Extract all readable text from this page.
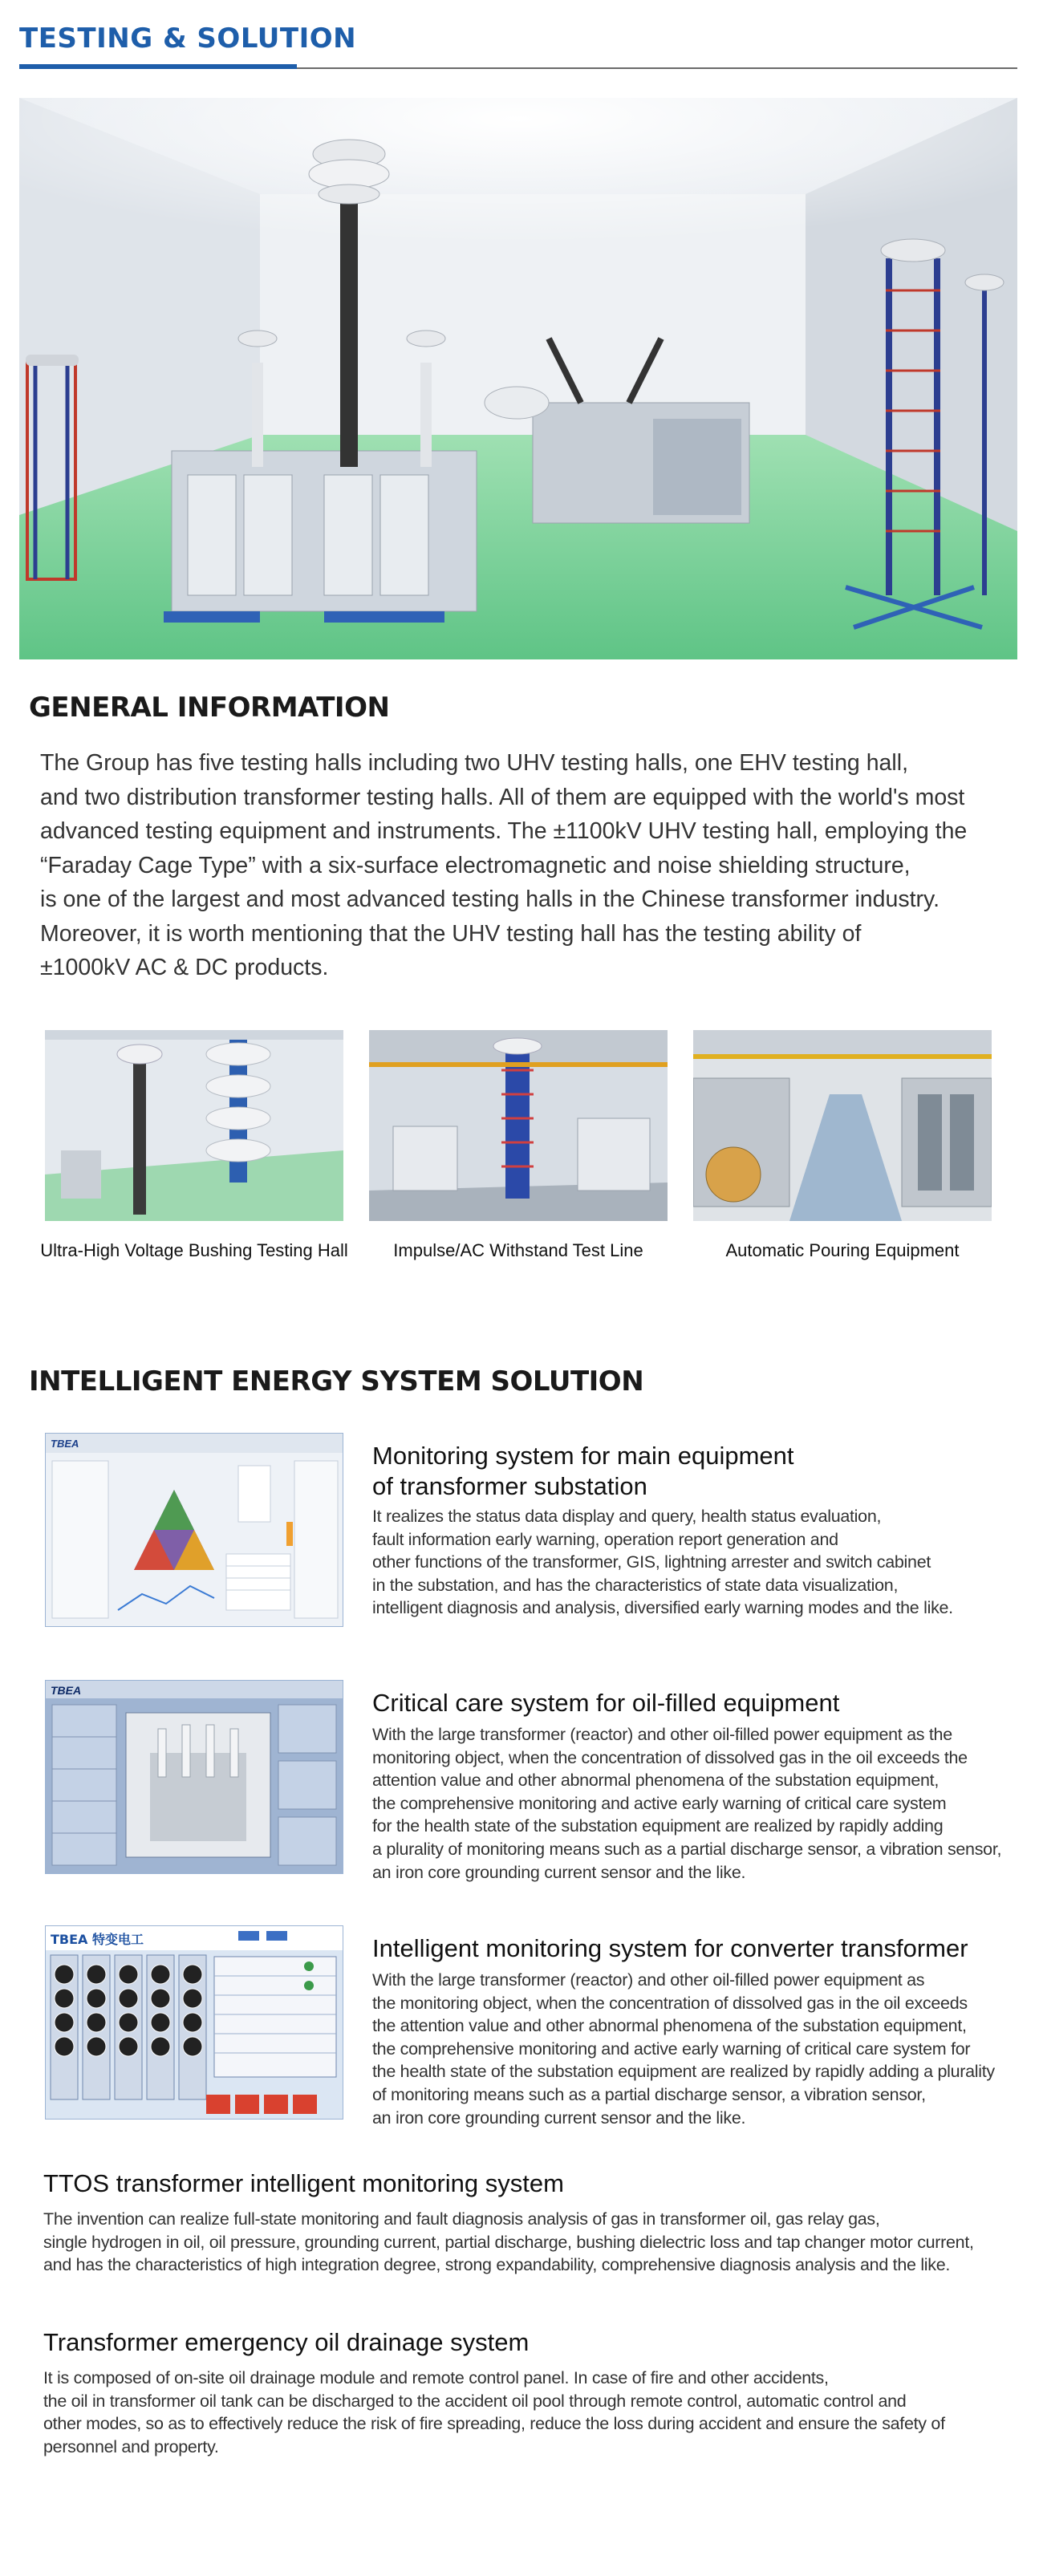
TESTING & SOLUTION
GENERAL INFORMATION
The Group has five testing halls including two UHV testing halls, one EHV testing hall,
and two distribution transformer testing halls. All of them are equipped with the world's most
advanced testing equipment and instruments. The ±1100kV UHV testing hall, employing the
“Faraday Cage Type” with a six-surface electromagnetic and noise shielding structure,
is one of the largest and most advanced testing halls in the Chinese transformer industry.
Moreover, it is worth mentioning that the UHV testing hall has the testing ability of
±1000kV AC & DC products.
Ultra-High Voltage Bushing Testing Hall	Impulse/AC Withstand Test Line	Automatic Pouring Equipment
INTELLIGENT ENERGY SYSTEM SOLUTION
TBEA	Monitoring system for main equipment
of transformer substation
It realizes the status data display and query, health status evaluation,
fault information early warning, operation report generation and
other functions of the transformer, GIS, lightning arrester and switch cabinet
in the substation, and has the characteristics of state data visualization,
intelligent diagnosis and analysis, diversified early warning modes and the like.
TBEA	Critical care system for oil-filled equipment
With the large transformer (reactor) and other oil-filled power equipment as the
monitoring object, when the concentration of dissolved gas in the oil exceeds the
attention value and other abnormal phenomena of the substation equipment,
the comprehensive monitoring and active early warning of critical care system
for the health state of the substation equipment are realized by rapidly adding
a plurality of monitoring means such as a partial discharge sensor, a vibration sensor,
an iron core grounding current sensor and the like.
TBEA 特变电工	Intelligent monitoring system for converter transformer
With the large transformer (reactor) and other oil-filled power equipment as
the monitoring object, when the concentration of dissolved gas in the oil exceeds
the attention value and other abnormal phenomena of the substation equipment,
the comprehensive monitoring and active early warning of critical care system for
the health state of the substation equipment are realized by rapidly adding a plurality
of monitoring means such as a partial discharge sensor, a vibration sensor,
an iron core grounding current sensor and the like.
TTOS transformer intelligent monitoring system
The invention can realize full-state monitoring and fault diagnosis analysis of gas in transformer oil, gas relay gas,
single hydrogen in oil, oil pressure, grounding current, partial discharge, bushing dielectric loss and tap changer motor current,
and has the characteristics of high integration degree, strong expandability, comprehensive diagnosis analysis and the like.
Transformer emergency oil drainage system
It is composed of on-site oil drainage module and remote control panel. In case of fire and other accidents,
the oil in transformer oil tank can be discharged to the accident oil pool through remote control, automatic control and
other modes, so as to effectively reduce the risk of fire spreading, reduce the loss during accident and ensure the safety of
personnel and property.
